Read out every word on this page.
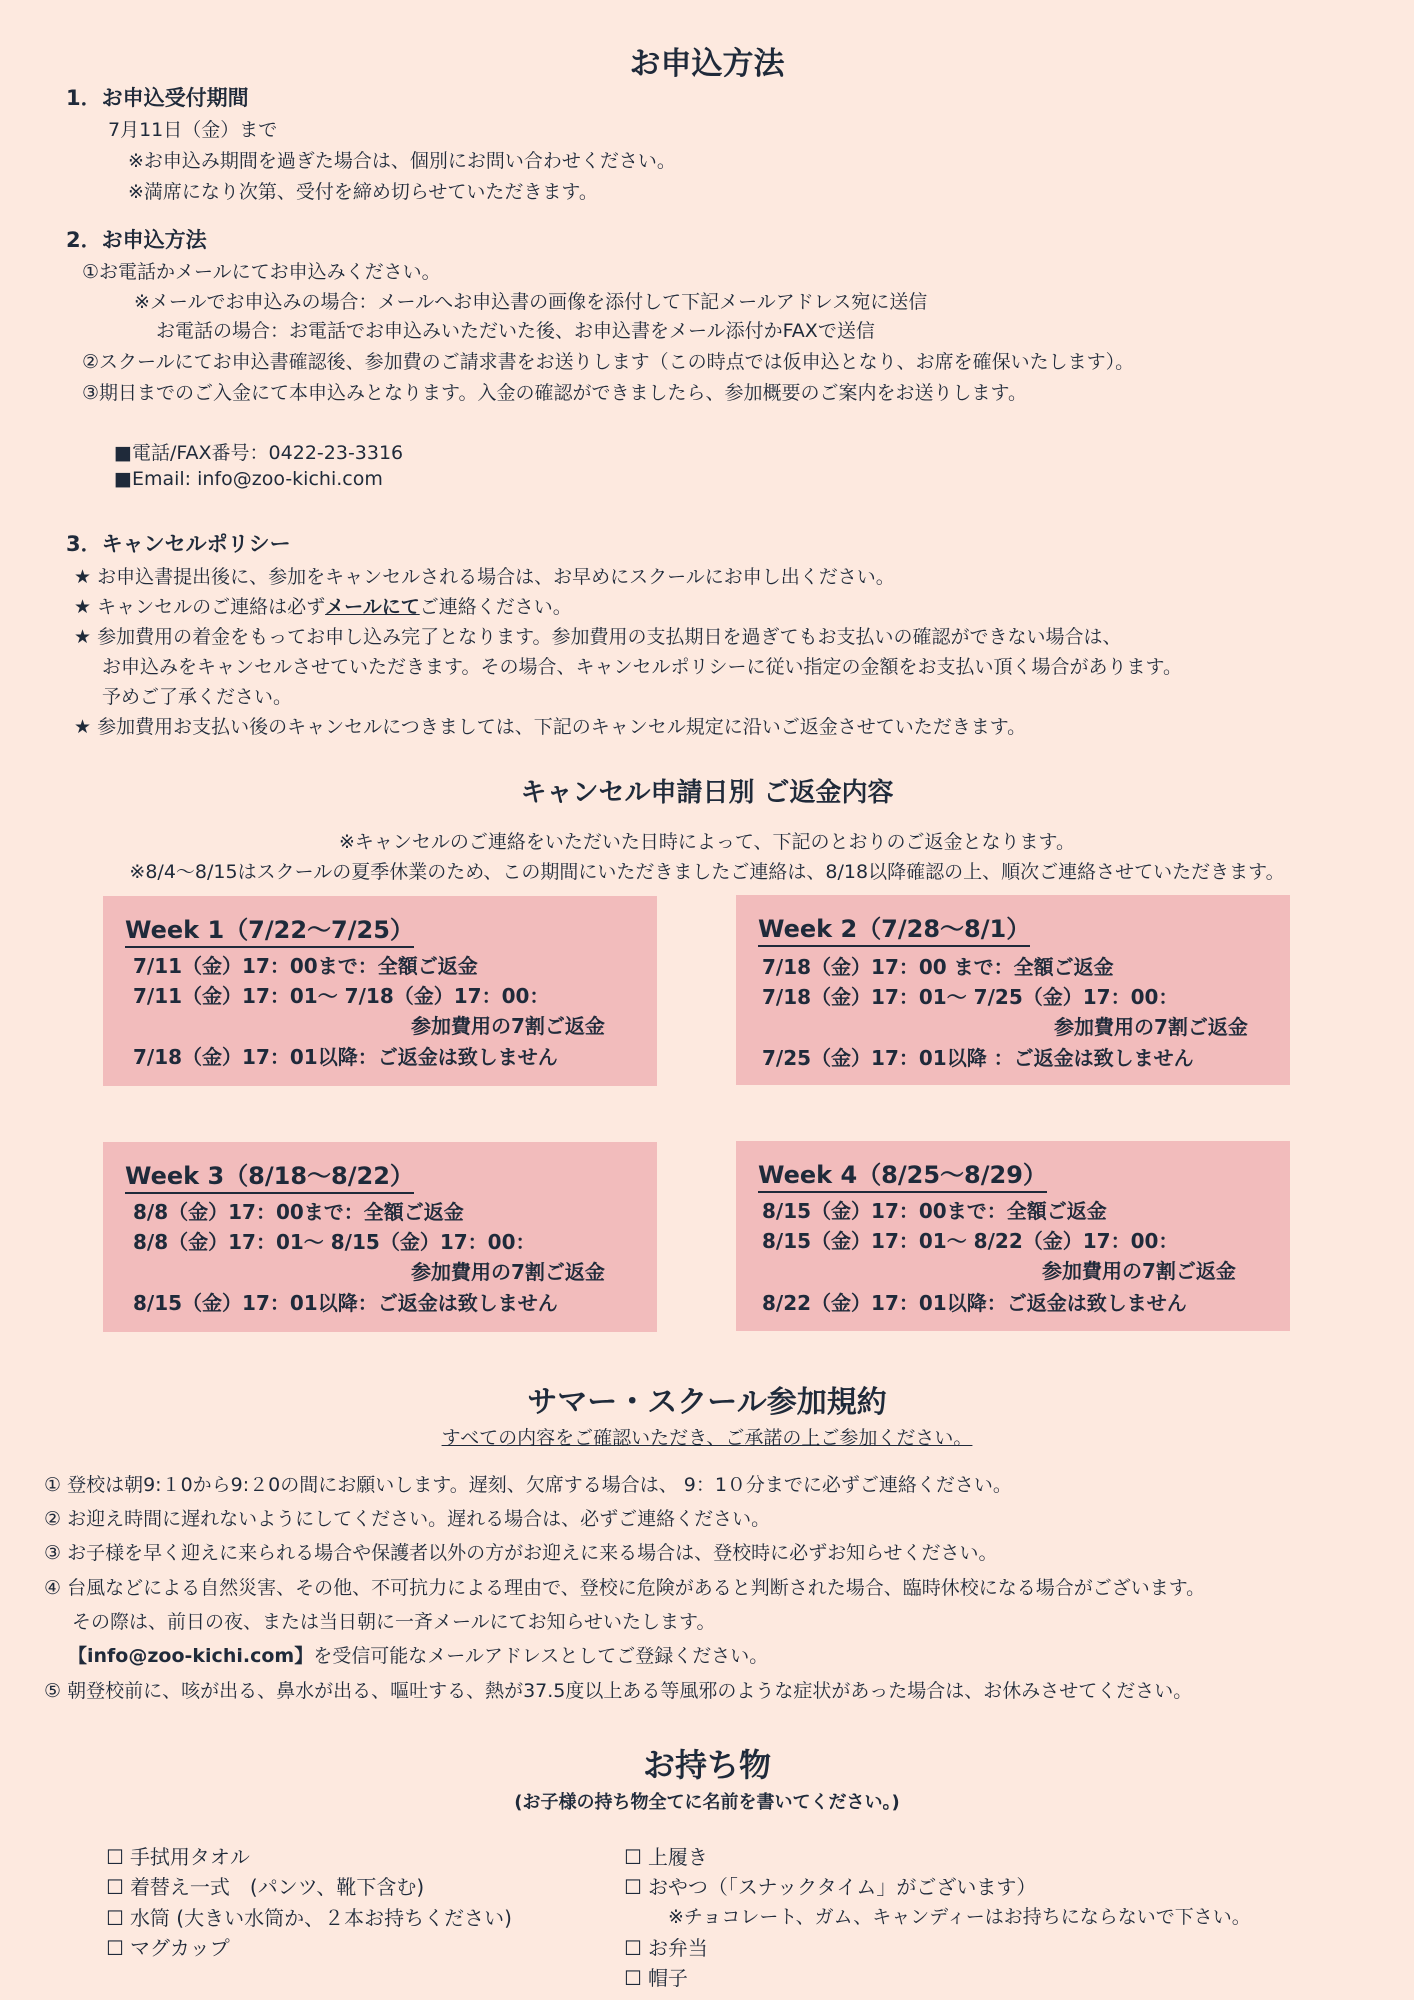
お申込方法
1．お申込受付期間
7月11日（金）まで
※お申込み期間を過ぎた場合は、個別にお問い合わせください。
※満席になり次第、受付を締め切らせていただきます。
2．お申込方法
①お電話かメールにてお申込みください。
※メールでお申込みの場合：メールへお申込書の画像を添付して下記メールアドレス宛に送信
お電話の場合：お電話でお申込みいただいた後、お申込書をメール添付かFAXで送信
②スクールにてお申込書確認後、参加費のご請求書をお送りします（この時点では仮申込となり、お席を確保いたします）。
③期日までのご入金にて本申込みとなります。入金の確認ができましたら、参加概要のご案内をお送りします。
■電話/FAX番号：0422-23-3316
■Email: info@zoo-kichi.com
3．キャンセルポリシー
★ お申込書提出後に、参加をキャンセルされる場合は、お早めにスクールにお申し出ください。
★ キャンセルのご連絡は必ずメールにてご連絡ください。
★ 参加費用の着金をもってお申し込み完了となります。参加費用の支払期日を過ぎてもお支払いの確認ができない場合は、
お申込みをキャンセルさせていただきます。その場合、キャンセルポリシーに従い指定の金額をお支払い頂く場合があります。
予めご了承ください。
★ 参加費用お支払い後のキャンセルにつきましては、下記のキャンセル規定に沿いご返金させていただきます。
キャンセル申請日別 ご返金内容
※キャンセルのご連絡をいただいた日時によって、下記のとおりのご返金となります。
※8/4〜8/15はスクールの夏季休業のため、この期間にいただきましたご連絡は、8/18以降確認の上、順次ご連絡させていただきます。
Week 1（7/22〜7/25）
7/11（金）17：00まで：全額ご返金
7/11（金）17：01〜 7/18（金）17：00：
参加費用の7割ご返金
7/18（金）17：01以降：ご返金は致しません
Week 2（7/28〜8/1）
7/18（金）17：00 まで：全額ご返金
7/18（金）17：01〜 7/25（金）17：00：
参加費用の7割ご返金
7/25（金）17：01以降 ：ご返金は致しません
Week 3（8/18〜8/22）
8/8（金）17：00まで：全額ご返金
8/8（金）17：01〜 8/15（金）17：00：
参加費用の7割ご返金
8/15（金）17：01以降：ご返金は致しません
Week 4（8/25〜8/29）
8/15（金）17：00まで：全額ご返金
8/15（金）17：01〜 8/22（金）17：00：
参加費用の7割ご返金
8/22（金）17：01以降：ご返金は致しません
サマー・スクール参加規約
すべての内容をご確認いただき、ご承諾の上ご参加ください。
① 登校は朝9:１0から9:２0の間にお願いします。遅刻、欠席する場合は、 9：1０分までに必ずご連絡ください。
② お迎え時間に遅れないようにしてください。遅れる場合は、必ずご連絡ください。
③ お子様を早く迎えに来られる場合や保護者以外の方がお迎えに来る場合は、登校時に必ずお知らせください。
④ 台風などによる自然災害、その他、不可抗力による理由で、登校に危険があると判断された場合、臨時休校になる場合がございます。
その際は、前日の夜、または当日朝に一斉メールにてお知らせいたします。
【info@zoo-kichi.com】を受信可能なメールアドレスとしてご登録ください。
⑤ 朝登校前に、咳が出る、鼻水が出る、嘔吐する、熱が37.5度以上ある等風邪のような症状があった場合は、お休みさせてください。
お持ち物
(お子様の持ち物全てに名前を書いてください。)
☐ 手拭用タオル
☐ 着替え一式　(パンツ、靴下含む)
☐ 水筒 (大きい水筒か、２本お持ちください)
☐ マグカップ
☐ 上履き
☐ おやつ（「スナックタイム」がございます）
※チョコレート、ガム、キャンディーはお持ちにならないで下さい。
☐ お弁当
☐ 帽子
